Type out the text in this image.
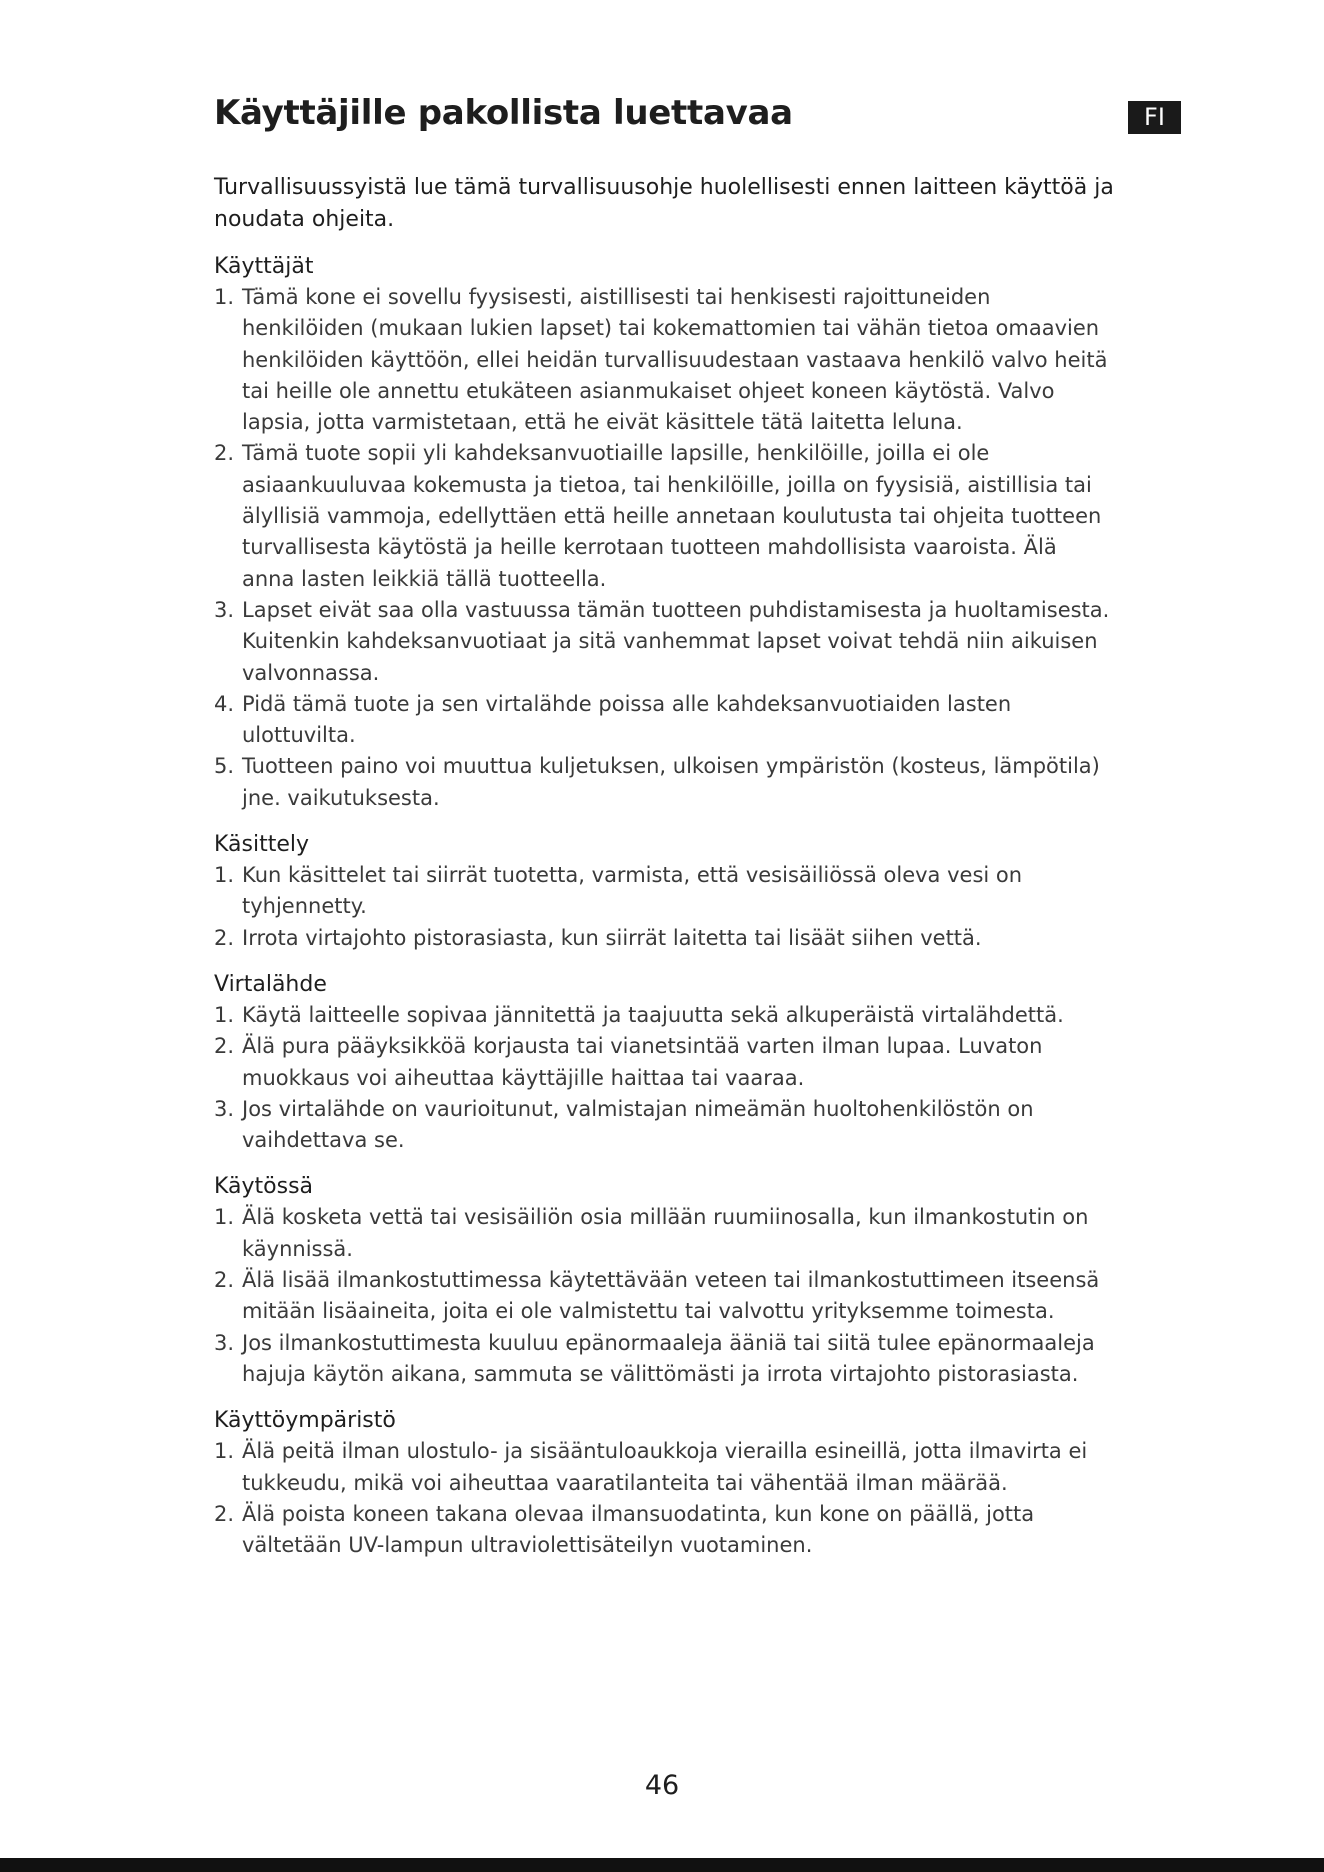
Käyttäjille pakollista luettavaa	FI

Turvallisuussyistä lue tämä turvallisuusohje huolellisesti ennen laitteen käyttöä ja noudata ohjeita.

Käyttäjät
1. Tämä kone ei sovellu fyysisesti, aistillisesti tai henkisesti rajoittuneiden henkilöiden (mukaan lukien lapset) tai kokemattomien tai vähän tietoa omaavien henkilöiden käyttöön, ellei heidän turvallisuudestaan vastaava henkilö valvo heitä tai heille ole annettu etukäteen asianmukaiset ohjeet koneen käytöstä. Valvo lapsia, jotta varmistetaan, että he eivät käsittele tätä laitetta leluna.
2. Tämä tuote sopii yli kahdeksanvuotiaille lapsille, henkilöille, joilla ei ole asiaankuuluvaa kokemusta ja tietoa, tai henkilöille, joilla on fyysisiä, aistillisia tai älyllisiä vammoja, edellyttäen että heille annetaan koulutusta tai ohjeita tuotteen turvallisesta käytöstä ja heille kerrotaan tuotteen mahdollisista vaaroista. Älä anna lasten leikkiä tällä tuotteella.
3. Lapset eivät saa olla vastuussa tämän tuotteen puhdistamisesta ja huoltamisesta. Kuitenkin kahdeksanvuotiaat ja sitä vanhemmat lapset voivat tehdä niin aikuisen valvonnassa.
4. Pidä tämä tuote ja sen virtalähde poissa alle kahdeksanvuotiaiden lasten ulottuvilta.
5. Tuotteen paino voi muuttua kuljetuksen, ulkoisen ympäristön (kosteus, lämpötila) jne. vaikutuksesta.
Käsittely
1. Kun käsittelet tai siirrät tuotetta, varmista, että vesisäiliössä oleva vesi on tyhjennetty.
2. Irrota virtajohto pistorasiasta, kun siirrät laitetta tai lisäät siihen vettä.
Virtalähde
1. Käytä laitteelle sopivaa jännitettä ja taajuutta sekä alkuperäistä virtalähdettä.
2. Älä pura pääyksikköä korjausta tai vianetsintää varten ilman lupaa. Luvaton muokkaus voi aiheuttaa käyttäjille haittaa tai vaaraa.
3. Jos virtalähde on vaurioitunut, valmistajan nimeämän huoltohenkilöstön on vaihdettava se.
Käytössä
1. Älä kosketa vettä tai vesisäiliön osia millään ruumiinosalla, kun ilmankostutin on käynnissä.
2. Älä lisää ilmankostuttimessa käytettävään veteen tai ilmankostuttimeen itseensä mitään lisäaineita, joita ei ole valmistettu tai valvottu yrityksemme toimesta.
3. Jos ilmankostuttimesta kuuluu epänormaaleja ääniä tai siitä tulee epänormaaleja hajuja käytön aikana, sammuta se välittömästi ja irrota virtajohto pistorasiasta.
Käyttöympäristö
1. Älä peitä ilman ulostulo- ja sisääntuloaukkoja vierailla esineillä, jotta ilmavirta ei tukkeudu, mikä voi aiheuttaa vaaratilanteita tai vähentää ilman määrää.
2. Älä poista koneen takana olevaa ilmansuodatinta, kun kone on päällä, jotta vältetään UV-lampun ultraviolettisäteilyn vuotaminen.
46
